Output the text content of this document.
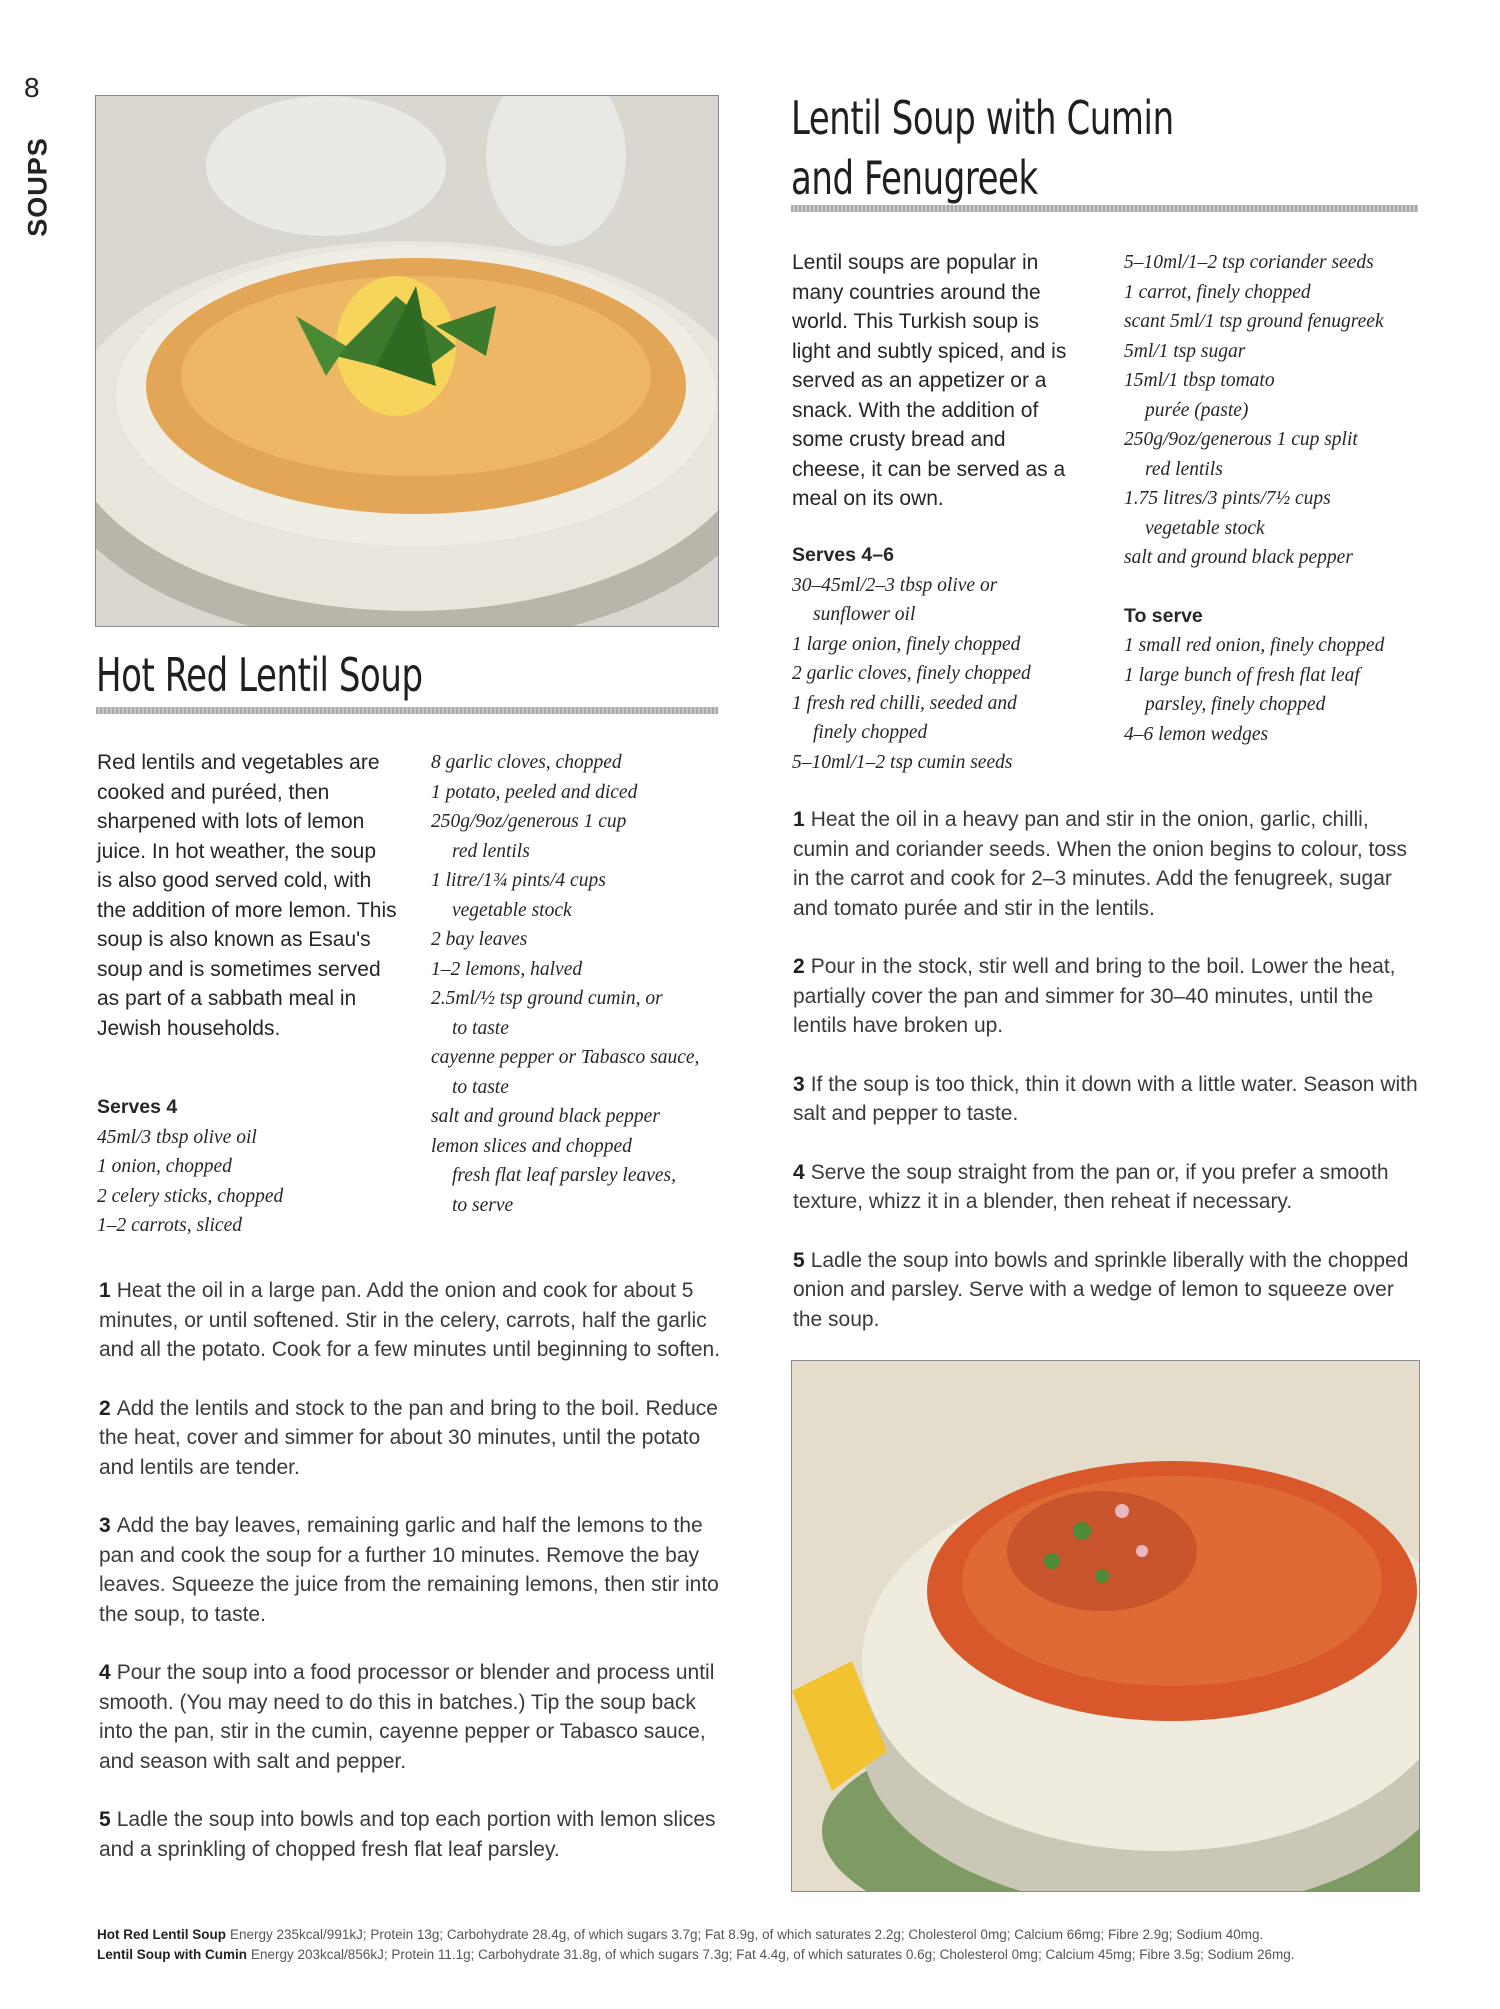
8
SOUPS
Hot Red Lentil Soup
Red lentils and vegetables are cooked and puréed, then sharpened with lots of lemon juice. In hot weather, the soup is also good served cold, with the addition of more lemon. This soup is also known as Esau's soup and is sometimes served as part of a sabbath meal in Jewish households.
Serves 4
45ml/3 tbsp olive oil
1 onion, chopped
2 celery sticks, chopped
1–2 carrots, sliced
8 garlic cloves, chopped
1 potato, peeled and diced
250g/9oz/generous 1 cup
red lentils
1 litre/1¾ pints/4 cups
vegetable stock
2 bay leaves
1–2 lemons, halved
2.5ml/½ tsp ground cumin, or
to taste
cayenne pepper or Tabasco sauce,
to taste
salt and ground black pepper
lemon slices and chopped
fresh flat leaf parsley leaves,
to serve

1 Heat the oil in a large pan. Add the onion and cook for about 5 minutes, or until softened. Stir in the celery, carrots, half the garlic and all the potato. Cook for a few minutes until beginning to soften.

2 Add the lentils and stock to the pan and bring to the boil. Reduce the heat, cover and simmer for about 30 minutes, until the potato and lentils are tender.

3 Add the bay leaves, remaining garlic and half the lemons to the pan and cook the soup for a further 10 minutes. Remove the bay leaves. Squeeze the juice from the remaining lemons, then stir into the soup, to taste.

4 Pour the soup into a food processor or blender and process until smooth. (You may need to do this in batches.) Tip the soup back into the pan, stir in the cumin, cayenne pepper or Tabasco sauce, and season with salt and pepper.

5 Ladle the soup into bowls and top each portion with lemon slices and a sprinkling of chopped fresh flat leaf parsley.

Lentil Soup with Cumin
and Fenugreek
Lentil soups are popular in many countries around the world. This Turkish soup is light and subtly spiced, and is served as an appetizer or a snack. With the addition of some crusty bread and cheese, it can be served as a meal on its own.
Serves 4–6
30–45ml/2–3 tbsp olive or
sunflower oil
1 large onion, finely chopped
2 garlic cloves, finely chopped
1 fresh red chilli, seeded and
finely chopped
5–10ml/1–2 tsp cumin seeds
5–10ml/1–2 tsp coriander seeds
1 carrot, finely chopped
scant 5ml/1 tsp ground fenugreek
5ml/1 tsp sugar
15ml/1 tbsp tomato
purée (paste)
250g/9oz/generous 1 cup split
red lentils
1.75 litres/3 pints/7½ cups
vegetable stock
salt and ground black pepper
To serve
1 small red onion, finely chopped
1 large bunch of fresh flat leaf
parsley, finely chopped
4–6 lemon wedges

1 Heat the oil in a heavy pan and stir in the onion, garlic, chilli, cumin and coriander seeds. When the onion begins to colour, toss in the carrot and cook for 2–3 minutes. Add the fenugreek, sugar and tomato purée and stir in the lentils.

2 Pour in the stock, stir well and bring to the boil. Lower the heat, partially cover the pan and simmer for 30–40 minutes, until the lentils have broken up.

3 If the soup is too thick, thin it down with a little water. Season with salt and pepper to taste.

4 Serve the soup straight from the pan or, if you prefer a smooth texture, whizz it in a blender, then reheat if necessary.

5 Ladle the soup into bowls and sprinkle liberally with the chopped onion and parsley. Serve with a wedge of lemon to squeeze over the soup.

Hot Red Lentil Soup Energy 235kcal/991kJ; Protein 13g; Carbohydrate 28.4g, of which sugars 3.7g; Fat 8.9g, of which saturates 2.2g; Cholesterol 0mg; Calcium 66mg; Fibre 2.9g; Sodium 40mg.
Lentil Soup with Cumin Energy 203kcal/856kJ; Protein 11.1g; Carbohydrate 31.8g, of which sugars 7.3g; Fat 4.4g, of which saturates 0.6g; Cholesterol 0mg; Calcium 45mg; Fibre 3.5g; Sodium 26mg.
